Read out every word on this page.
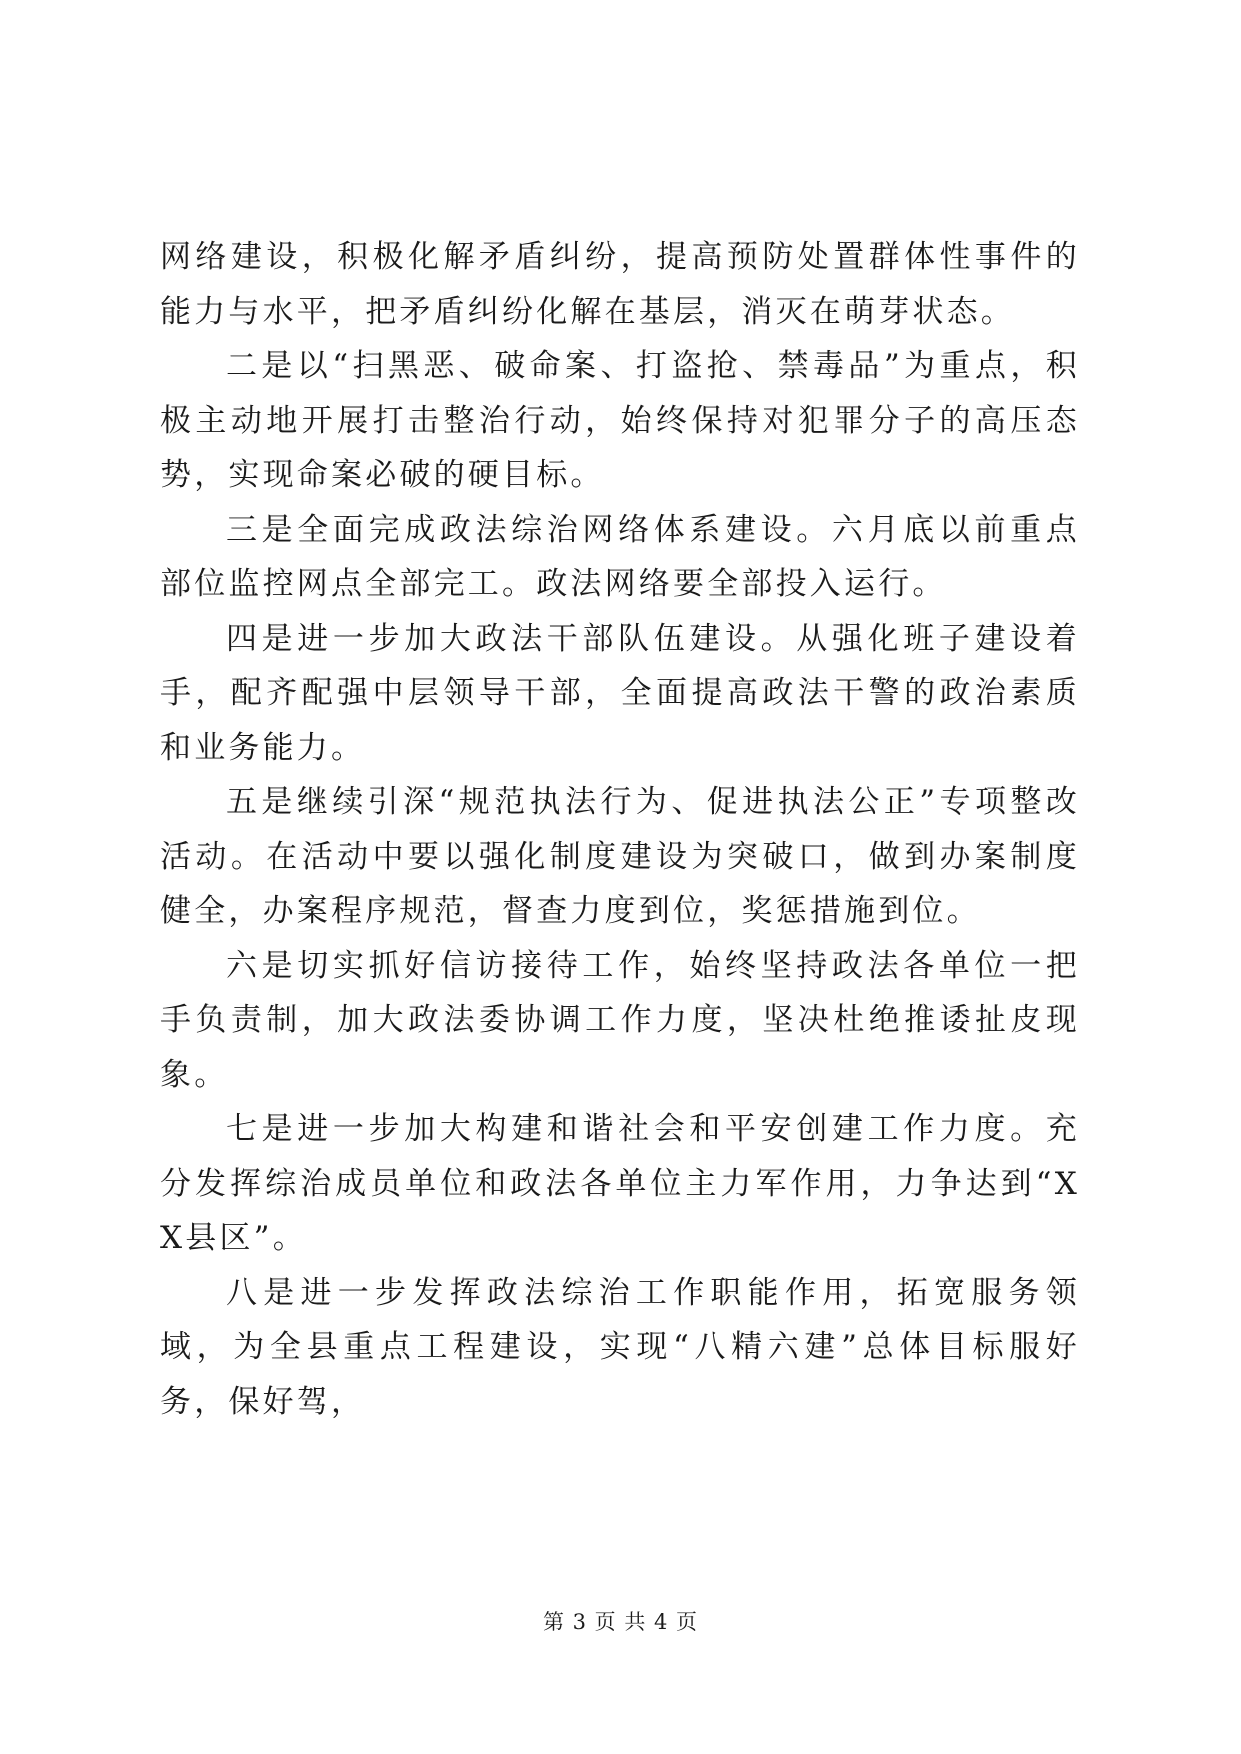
网络建设，积极化解矛盾纠纷，提高预防处置群体性事件的能力与水平，把矛盾纠纷化解在基层，消灭在萌芽状态。

二是以“扫黑恶、破命案、打盗抢、禁毒品”为重点，积极主动地开展打击整治行动，始终保持对犯罪分子的高压态势，实现命案必破的硬目标。

三是全面完成政法综治网络体系建设。六月底以前重点部位监控网点全部完工。政法网络要全部投入运行。

四是进一步加大政法干部队伍建设。从强化班子建设着手，配齐配强中层领导干部，全面提高政法干警的政治素质和业务能力。

五是继续引深“规范执法行为、促进执法公正”专项整改活动。在活动中要以强化制度建设为突破口，做到办案制度健全，办案程序规范，督查力度到位，奖惩措施到位。

六是切实抓好信访接待工作，始终坚持政法各单位一把手负责制，加大政法委协调工作力度，坚决杜绝推诿扯皮现象。

七是进一步加大构建和谐社会和平安创建工作力度。充分发挥综治成员单位和政法各单位主力军作用，力争达到“XX县区”。

八是进一步发挥政法综治工作职能作用，拓宽服务领域，为全县重点工程建设，实现“八精六建”总体目标服好务，保好驾，

第 3 页 共 4 页
